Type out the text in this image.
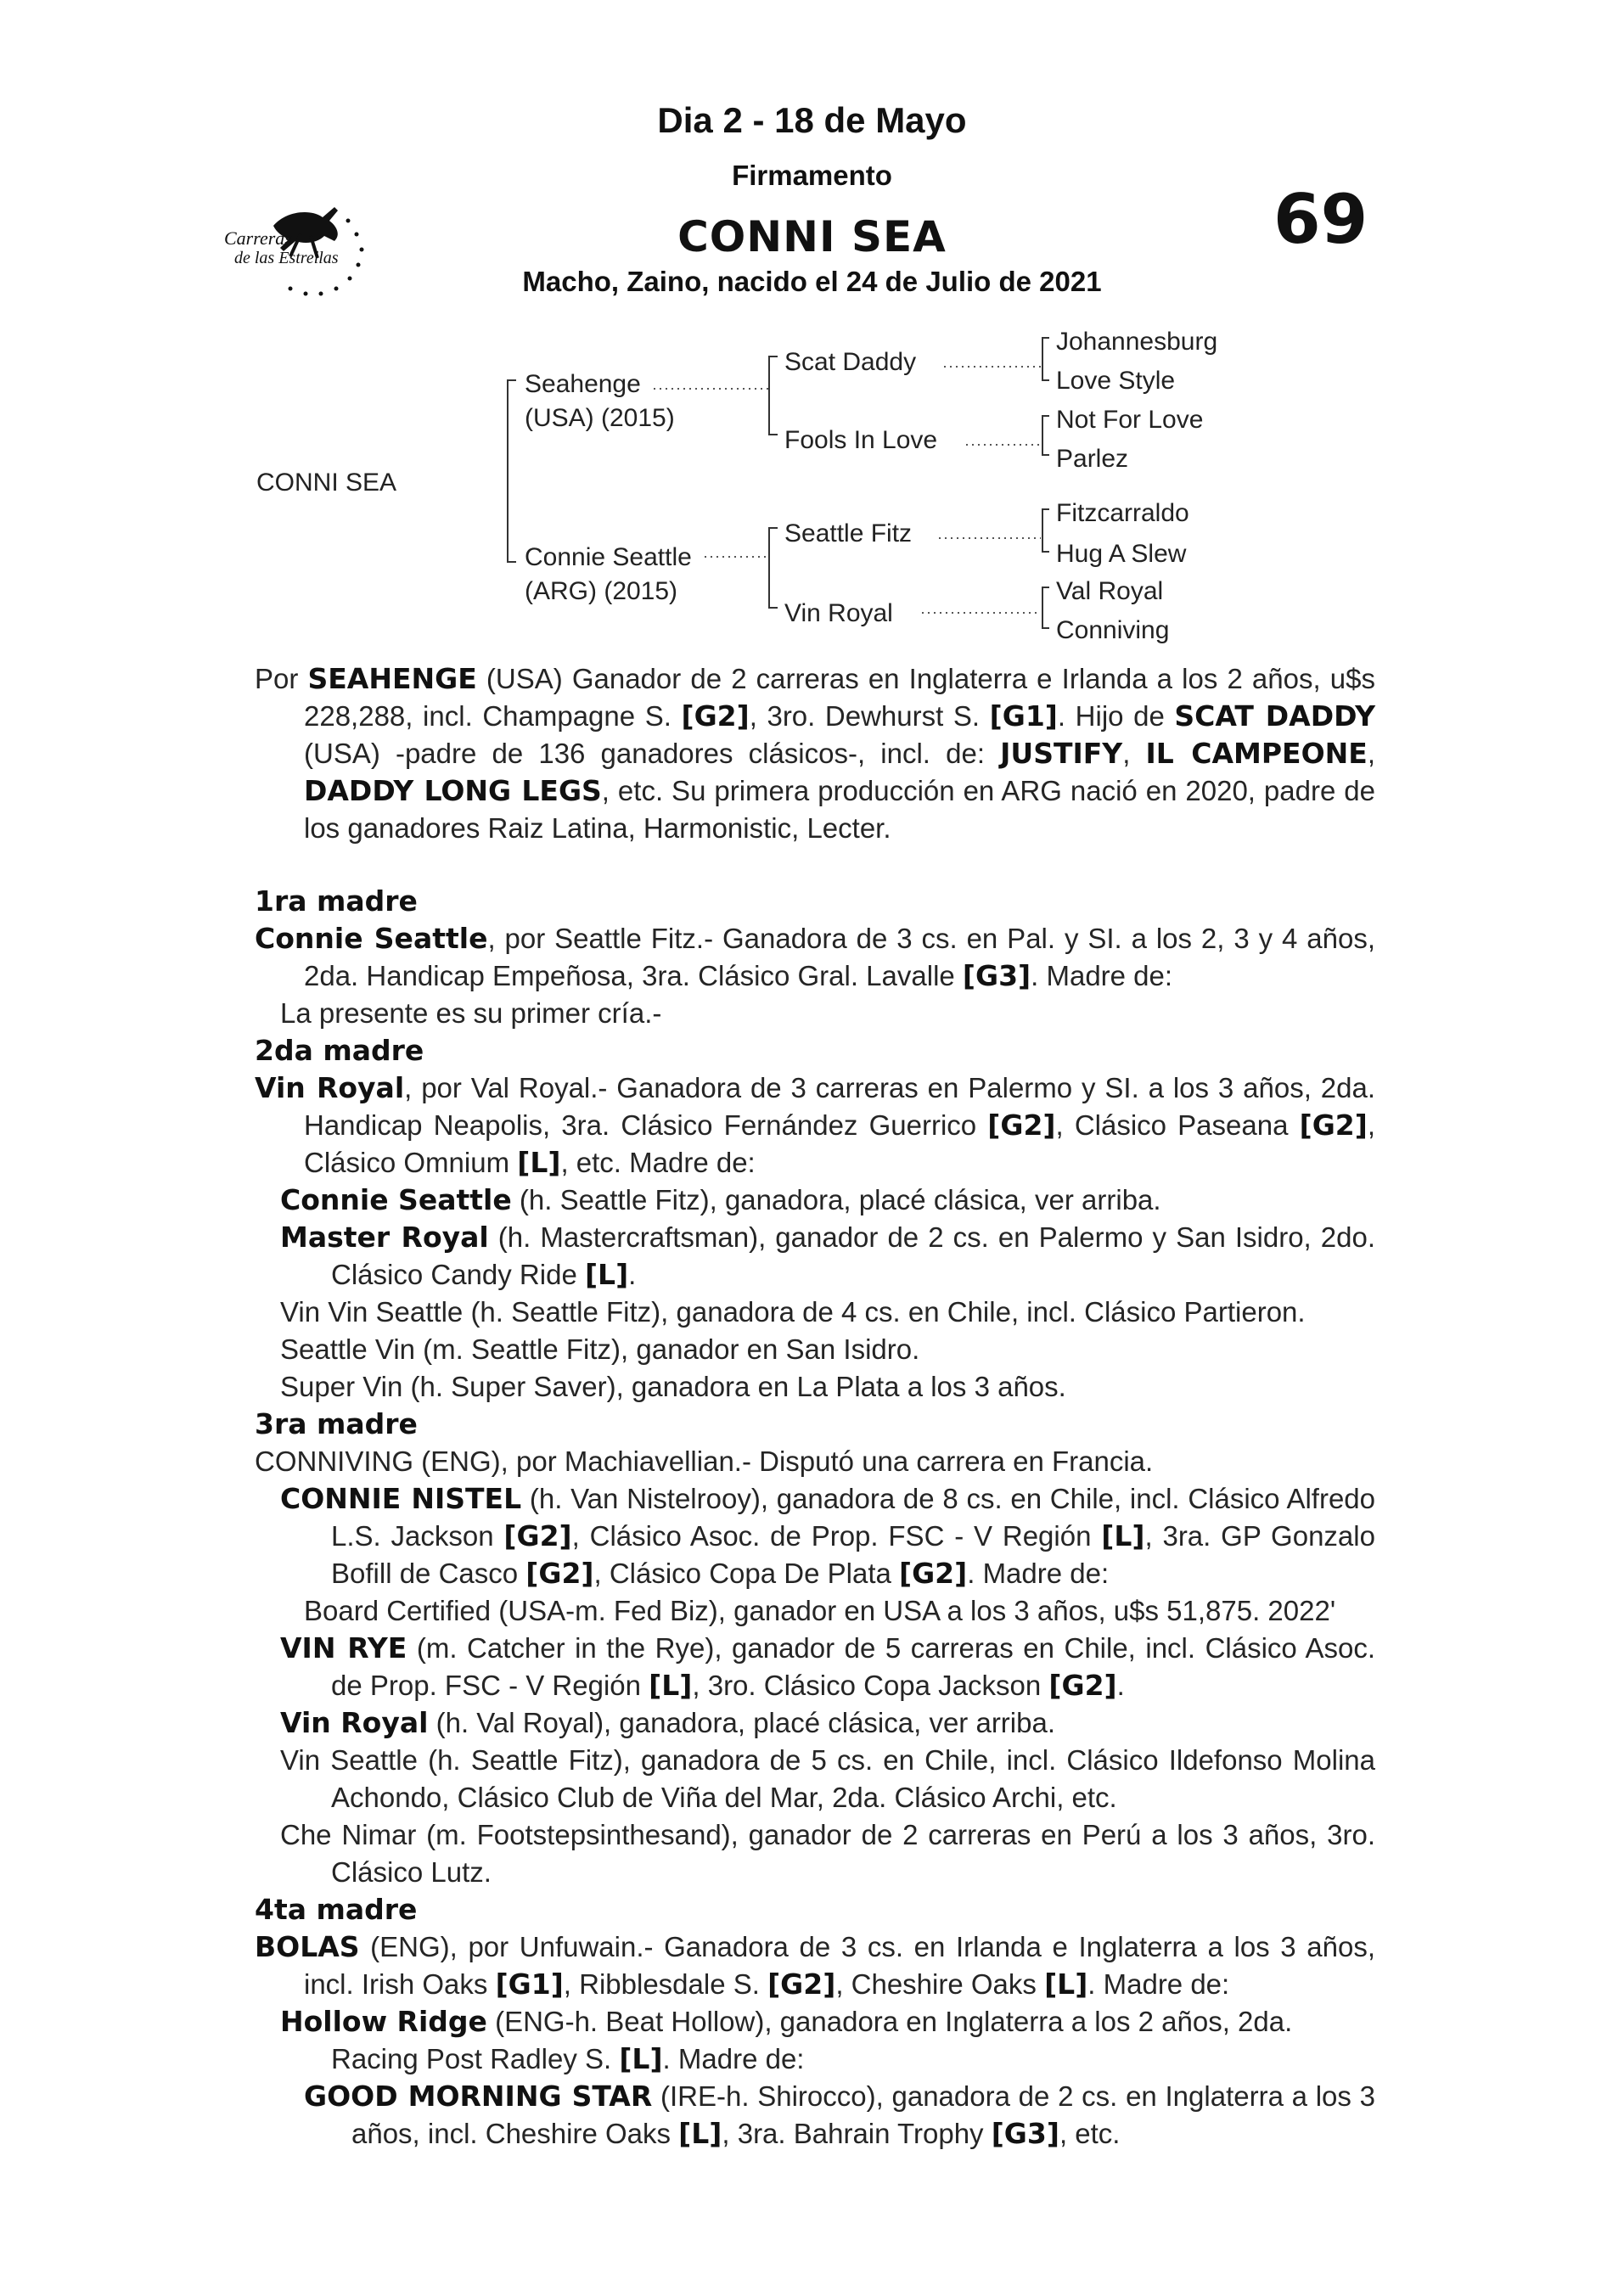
Dia 2 - 18 de Mayo
Firmamento
CONNI SEA	69
Macho, Zaino, nacido el 24 de Julio de 2021
Carreras
de las Estrellas
CONNI SEA
Seahenge
(USA) (2015)
Connie Seattle
(ARG) (2015)
Scat Daddy
Fools In Love
Seattle Fitz
Vin Royal
Johannesburg
Love Style
Not For Love
Parlez
Fitzcarraldo
Hug A Slew
Val Royal
Conniving

Por SEAHENGE (USA) Ganador de 2 carreras en Inglaterra e Irlanda a los 2 años, u$s 228,288, incl. Champagne S. [G2], 3ro. Dewhurst S. [G1]. Hijo de SCAT DADDY (USA) -padre de 136 ganadores clásicos-, incl. de: JUSTIFY, IL CAMPEONE, DADDY LONG LEGS, etc. Su primera producción en ARG nació en 2020, padre de los ganadores Raiz Latina, Harmonistic, Lecter.

1ra madre

Connie Seattle, por Seattle Fitz.- Ganadora de 3 cs. en Pal. y SI. a los 2, 3 y 4 años, 2da. Handicap Empeñosa, 3ra. Clásico Gral. Lavalle [G3]. Madre de:

La presente es su primer cría.-

2da madre

Vin Royal, por Val Royal.- Ganadora de 3 carreras en Palermo y SI. a los 3 años, 2da. Handicap Neapolis, 3ra. Clásico Fernández Guerrico [G2], Clásico Paseana [G2], Clásico Omnium [L], etc. Madre de:

Connie Seattle (h. Seattle Fitz), ganadora, placé clásica, ver arriba.

Master Royal (h. Mastercraftsman), ganador de 2 cs. en Palermo y San Isidro, 2do. Clásico Candy Ride [L].

Vin Vin Seattle (h. Seattle Fitz), ganadora de 4 cs. en Chile, incl. Clásico Partieron.

Seattle Vin (m. Seattle Fitz), ganador en San Isidro.

Super Vin (h. Super Saver), ganadora en La Plata a los 3 años.

3ra madre

CONNIVING (ENG), por Machiavellian.- Disputó una carrera en Francia.

CONNIE NISTEL (h. Van Nistelrooy), ganadora de 8 cs. en Chile, incl. Clásico Alfredo L.S. Jackson [G2], Clásico Asoc. de Prop. FSC - V Región [L], 3ra. GP Gonzalo Bofill de Casco [G2], Clásico Copa De Plata [G2]. Madre de:

Board Certified (USA-m. Fed Biz), ganador en USA a los 3 años, u$s 51,875. 2022'

VIN RYE (m. Catcher in the Rye), ganador de 5 carreras en Chile, incl. Clásico Asoc. de Prop. FSC - V Región [L], 3ro. Clásico Copa Jackson [G2].

Vin Royal (h. Val Royal), ganadora, placé clásica, ver arriba.

Vin Seattle (h. Seattle Fitz), ganadora de 5 cs. en Chile, incl. Clásico Ildefonso Molina Achondo, Clásico Club de Viña del Mar, 2da. Clásico Archi, etc.

Che Nimar (m. Footstepsinthesand), ganador de 2 carreras en Perú a los 3 años, 3ro. Clásico Lutz.

4ta madre

BOLAS (ENG), por Unfuwain.- Ganadora de 3 cs. en Irlanda e Inglaterra a los 3 años, incl. Irish Oaks [G1], Ribblesdale S. [G2], Cheshire Oaks [L]. Madre de:

Hollow Ridge (ENG-h. Beat Hollow), ganadora en Inglaterra a los 2 años, 2da. Racing Post Radley S. [L]. Madre de:

GOOD MORNING STAR (IRE-h. Shirocco), ganadora de 2 cs. en Inglaterra a los 3 años, incl. Cheshire Oaks [L], 3ra. Bahrain Trophy [G3], etc.
